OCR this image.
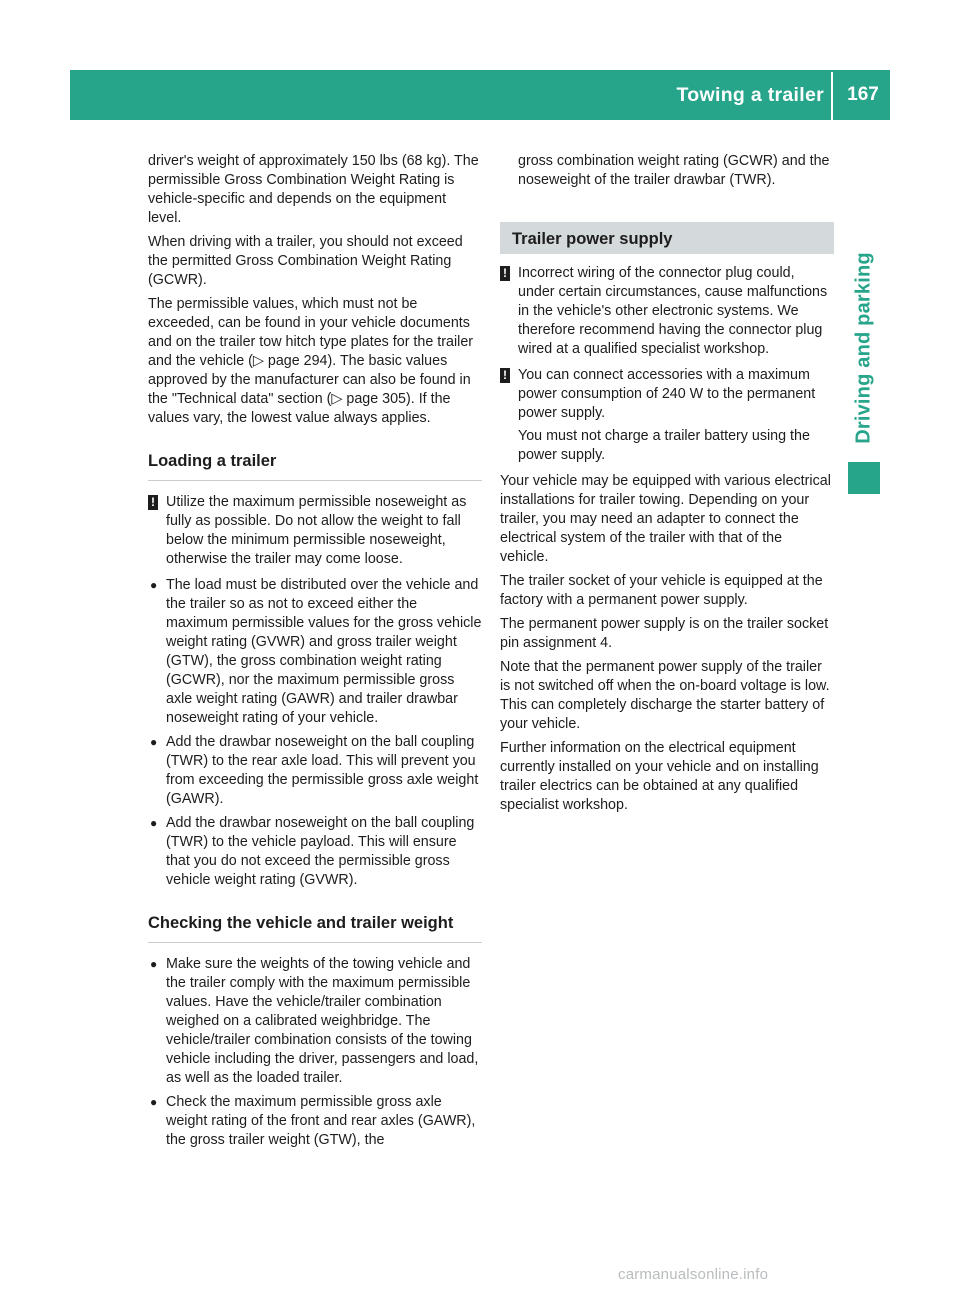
Towing a trailer	167
Driving and parking

driver's weight of approximately 150 lbs (68 kg). The permissible Gross Combination Weight Rating is vehicle-specific and depends on the equipment level.

When driving with a trailer, you should not exceed the permitted Gross Combination Weight Rating (GCWR).

The permissible values, which must not be exceeded, can be found in your vehicle documents and on the trailer tow hitch type plates for the trailer and the vehicle (▷ page 294). The basic values approved by the manufacturer can also be found in the "Technical data" section (▷ page 305). If the values vary, the lowest value always applies.

Loading a trailer
! Utilize the maximum permissible noseweight as fully as possible. Do not allow the weight to fall below the minimum permissible noseweight, otherwise the trailer may come loose.
● The load must be distributed over the vehicle and the trailer so as not to exceed either the maximum permissible values for the gross vehicle weight rating (GVWR) and gross trailer weight (GTW), the gross combination weight rating (GCWR), nor the maximum permissible gross axle weight rating (GAWR) and trailer drawbar noseweight rating of your vehicle.
● Add the drawbar noseweight on the ball coupling (TWR) to the rear axle load. This will prevent you from exceeding the permissible gross axle weight (GAWR).
● Add the drawbar noseweight on the ball coupling (TWR) to the vehicle payload. This will ensure that you do not exceed the permissible gross vehicle weight rating (GVWR).
Checking the vehicle and trailer weight
● Make sure the weights of the towing vehicle and the trailer comply with the maximum permissible values. Have the vehicle/trailer combination weighed on a calibrated weighbridge. The vehicle/trailer combination consists of the towing vehicle including the driver, passengers and load, as well as the loaded trailer.
● Check the maximum permissible gross axle weight rating of the front and rear axles (GAWR), the gross trailer weight (GTW), the

gross combination weight rating (GCWR) and the noseweight of the trailer drawbar (TWR).

Trailer power supply
! Incorrect wiring of the connector plug could, under certain circumstances, cause malfunctions in the vehicle's other electronic systems. We therefore recommend having the connector plug wired at a qualified specialist workshop.
! You can connect accessories with a maximum power consumption of 240 W to the permanent power supply.
You must not charge a trailer battery using the power supply.

Your vehicle may be equipped with various electrical installations for trailer towing. Depending on your trailer, you may need an adapter to connect the electrical system of the trailer with that of the vehicle.

The trailer socket of your vehicle is equipped at the factory with a permanent power supply.

The permanent power supply is on the trailer socket pin assignment 4.

Note that the permanent power supply of the trailer is not switched off when the on-board voltage is low. This can completely discharge the starter battery of your vehicle.

Further information on the electrical equipment currently installed on your vehicle and on installing trailer electrics can be obtained at any qualified specialist workshop.

carmanualsonline.info
